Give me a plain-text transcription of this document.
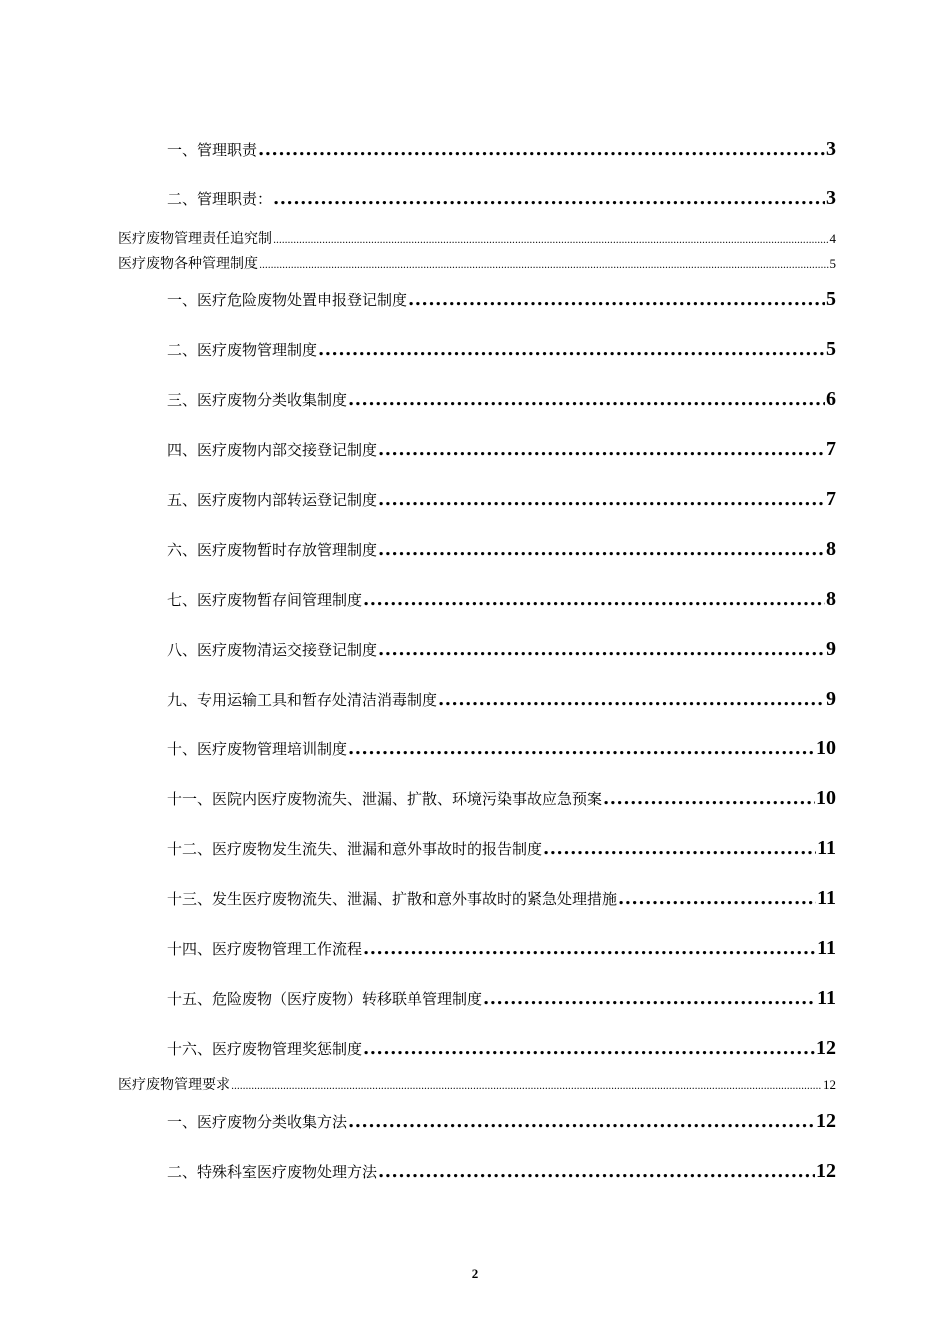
一、管理职责 .....	3
二、管理职责： .....	3
医疗废物管理责任追究制 .....	4
医疗废物各种管理制度 .....	5
一、医疗危险废物处置申报登记制度 .....	5
二、医疗废物管理制度 .....	5
三、医疗废物分类收集制度 .....	6
四、医疗废物内部交接登记制度 .....	7
五、医疗废物内部转运登记制度 .....	7
六、医疗废物暂时存放管理制度 .....	8
七、医疗废物暂存间管理制度 .....	8
八、医疗废物清运交接登记制度 .....	9
九、专用运输工具和暂存处清洁消毒制度 .....	9
十、医疗废物管理培训制度 .....	10
十一、医院内医疗废物流失、泄漏、扩散、环境污染事故应急预案 .....	10
十二、医疗废物发生流失、泄漏和意外事故时的报告制度 .....	11
十三、发生医疗废物流失、泄漏、扩散和意外事故时的紧急处理措施 .....	11
十四、医疗废物管理工作流程 .....	11
十五、危险废物（医疗废物）转移联单管理制度 .....	11
十六、医疗废物管理奖惩制度 .....	12
医疗废物管理要求 .....	12
一、医疗废物分类收集方法 .....	12
二、特殊科室医疗废物处理方法 .....	12
2
